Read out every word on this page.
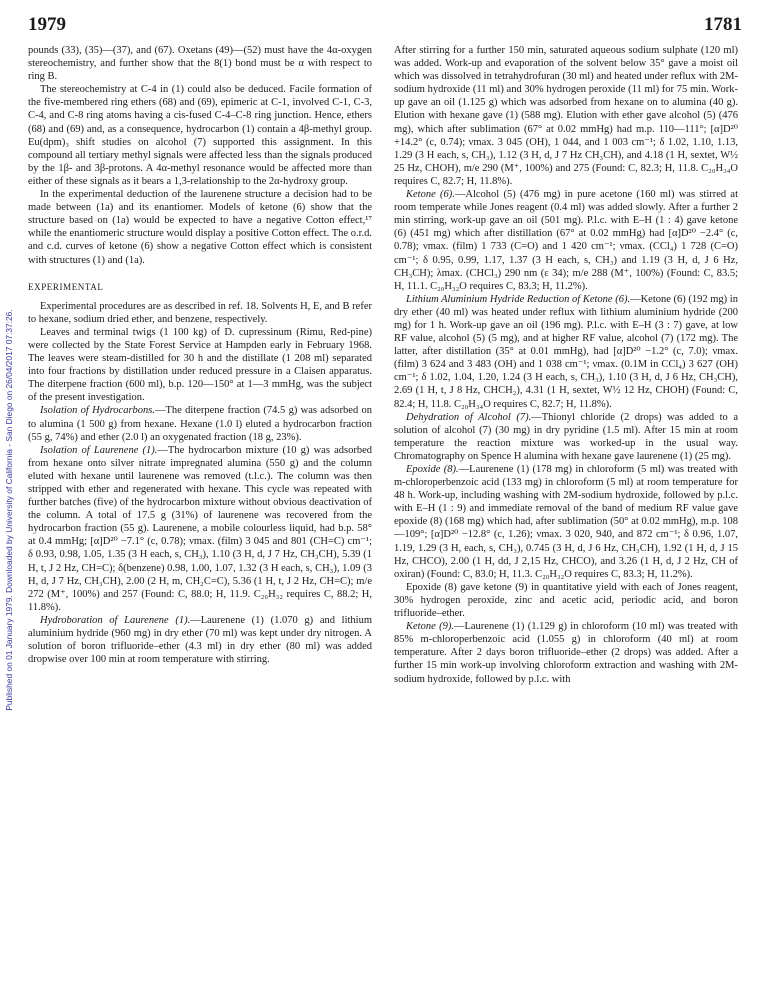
1979	1781
Published on 01 January 1979. Downloaded by University of California - San Diego on 26/04/2017 07:37:26.

pounds (33), (35)—(37), and (67). Oxetans (49)—(52) must have the 4α-oxygen stereochemistry, and further show that the 8(1) bond must be α with respect to ring B.

The stereochemistry at C-4 in (1) could also be deduced. Facile formation of the five-membered ring ethers (68) and (69), epimeric at C-1, involved C-1, C-3, C-4, and C-8 ring atoms having a cis-fused C-4–C-8 ring junction. Hence, ethers (68) and (69) and, as a consequence, hydrocarbon (1) contain a 4β-methyl group. Eu(dpm)₃ shift studies on alcohol (7) supported this assignment. In this compound all tertiary methyl signals were affected less than the signals produced by the 1β- and 3β-protons. A 4α-methyl resonance would be affected more than either of these signals as it bears a 1,3-relationship to the 2α-hydroxy group.

In the experimental deduction of the laurenene structure a decision had to be made between (1a) and its enantiomer. Models of ketone (6) show that the structure based on (1a) would be expected to have a negative Cotton effect,¹⁷ while the enantiomeric structure would display a positive Cotton effect. The o.r.d. and c.d. curves of ketone (6) show a negative Cotton effect which is consistent with structures (1) and (1a).

EXPERIMENTAL

Experimental procedures are as described in ref. 18. Solvents H, E, and B refer to hexane, sodium dried ether, and benzene, respectively.

Leaves and terminal twigs (1 100 kg) of D. cupressinum (Rimu, Red-pine) were collected by the State Forest Service at Hampden early in February 1968. The leaves were steam-distilled for 30 h and the distillate (1 208 ml) separated into four fractions by distillation under reduced pressure in a Claisen apparatus. The diterpene fraction (600 ml), b.p. 120—150° at 1—3 mmHg, was the subject of the present investigation.

Isolation of Hydrocarbons.—The diterpene fraction (74.5 g) was adsorbed on to alumina (1 500 g) from hexane. Hexane (1.0 l) eluted a hydrocarbon fraction (55 g, 74%) and ether (2.0 l) an oxygenated fraction (18 g, 23%).

Isolation of Laurenene (1).—The hydrocarbon mixture (10 g) was adsorbed from hexane onto silver nitrate impregnated alumina (550 g) and the column eluted with hexane until laurenene was removed (t.l.c.). The column was then stripped with ether and regenerated with hexane. This cycle was repeated with further batches (five) of the hydrocarbon mixture without obvious deactivation of the column. A total of 17.5 g (31%) of laurenene was recovered from the hydrocarbon fraction (55 g). Laurenene, a mobile colourless liquid, had b.p. 58° at 0.4 mmHg; [α]D²⁰ −7.1° (c, 0.78); νmax. (film) 3 045 and 801 (CH=C) cm⁻¹; δ 0.93, 0.98, 1.05, 1.35 (3 H each, s, CH₃), 1.10 (3 H, d, J 7 Hz, CH₃CH), 5.39 (1 H, t, J 2 Hz, CH=C); δ(benzene) 0.98, 1.00, 1.07, 1.32 (3 H each, s, CH₃), 1.09 (3 H, d, J 7 Hz, CH₃CH), 2.00 (2 H, m, CH₂C=C), 5.36 (1 H, t, J 2 Hz, CH=C); m/e 272 (M⁺, 100%) and 257 (Found: C, 88.0; H, 11.9. C₂₀H₃₂ requires C, 88.2; H, 11.8%).

Hydroboration of Laurenene (1).—Laurenene (1) (1.070 g) and lithium aluminium hydride (960 mg) in dry ether (70 ml) was kept under dry nitrogen. A solution of boron trifluoride–ether (4.3 ml) in dry ether (80 ml) was added dropwise over 100 min at room temperature with stirring.

After stirring for a further 150 min, saturated aqueous sodium sulphate (120 ml) was added. Work-up and evaporation of the solvent below 35° gave a moist oil which was dissolved in tetrahydrofuran (30 ml) and heated under reflux with 2M-sodium hydroxide (11 ml) and 30% hydrogen peroxide (11 ml) for 75 min. Work-up gave an oil (1.125 g) which was adsorbed from hexane on to alumina (40 g). Elution with hexane gave (1) (588 mg). Elution with ether gave alcohol (5) (476 mg), which after sublimation (67° at 0.02 mmHg) had m.p. 110—111°; [α]D²⁰ +14.2° (c, 0.74); νmax. 3 045 (OH), 1 044, and 1 003 cm⁻¹; δ 1.02, 1.10, 1.13, 1.29 (3 H each, s, CH₃), 1.12 (3 H, d, J 7 Hz CH₃CH), and 4.18 (1 H, sextet, W½ 25 Hz, CHOH), m/e 290 (M⁺, 100%) and 275 (Found: C, 82.3; H, 11.8. C₂₀H₃₄O requires C, 82.7; H, 11.8%).

Ketone (6).—Alcohol (5) (476 mg) in pure acetone (160 ml) was stirred at room temperate while Jones reagent (0.4 ml) was added slowly. After a further 2 min stirring, work-up gave an oil (501 mg). P.l.c. with E–H (1 : 4) gave ketone (6) (451 mg) which after distillation (67° at 0.02 mmHg) had [α]D²⁰ −2.4° (c, 0.78); νmax. (film) 1 733 (C=O) and 1 420 cm⁻¹; νmax. (CCl₄) 1 728 (C=O) cm⁻¹; δ 0.95, 0.99, 1.17, 1.37 (3 H each, s, CH₃) and 1.19 (3 H, d, J 6 Hz, CH₃CH); λmax. (CHCl₃) 290 nm (ε 34); m/e 288 (M⁺, 100%) (Found: C, 83.5; H, 11.1. C₂₀H₃₂O requires C, 83.3; H, 11.2%).

Lithium Aluminium Hydride Reduction of Ketone (6).—Ketone (6) (192 mg) in dry ether (40 ml) was heated under reflux with lithium aluminium hydride (200 mg) for 1 h. Work-up gave an oil (196 mg). P.l.c. with E–H (3 : 7) gave, at low RF value, alcohol (5) (5 mg), and at higher RF value, alcohol (7) (172 mg). The latter, after distillation (35° at 0.01 mmHg), had [α]D²⁰ −1.2° (c, 7.0); νmax. (film) 3 624 and 3 483 (OH) and 1 038 cm⁻¹; νmax. (0.1M in CCl₄) 3 627 (OH) cm⁻¹; δ 1.02, 1.04, 1.20, 1.24 (3 H each, s, CH₃), 1.10 (3 H, d, J 6 Hz, CH₃CH), 2.69 (1 H, t, J 8 Hz, CHCH₂), 4.31 (1 H, sextet, W½ 12 Hz, CHOH) (Found: C, 82.4; H, 11.8. C₂₀H₃₄O requires C, 82.7; H, 11.8%).

Dehydration of Alcohol (7).—Thionyl chloride (2 drops) was added to a solution of alcohol (7) (30 mg) in dry pyridine (1.5 ml). After 15 min at room temperature the reaction mixture was worked-up in the usual way. Chromatography on Spence H alumina with hexane gave laurenene (1) (25 mg).

Epoxide (8).—Laurenene (1) (178 mg) in chloroform (5 ml) was treated with m-chloroperbenzoic acid (133 mg) in chloroform (5 ml) at room temperature for 48 h. Work-up, including washing with 2M-sodium hydroxide, followed by p.l.c. with E–H (1 : 9) and immediate removal of the band of medium RF value gave epoxide (8) (168 mg) which had, after sublimation (50° at 0.02 mmHg), m.p. 108—109°; [α]D²⁰ −12.8° (c, 1.26); νmax. 3 020, 940, and 872 cm⁻¹; δ 0.96, 1.07, 1.19, 1.29 (3 H, each, s, CH₃), 0.745 (3 H, d, J 6 Hz, CH₃CH), 1.92 (1 H, d, J 15 Hz, CHCO), 2.00 (1 H, dd, J 2,15 Hz, CHCO), and 3.26 (1 H, d, J 2 Hz, CH of oxiran) (Found: C, 83.0; H, 11.3. C₂₀H₃₂O requires C, 83.3; H, 11.2%).

Epoxide (8) gave ketone (9) in quantitative yield with each of Jones reagent, 30% hydrogen peroxide, zinc and acetic acid, periodic acid, and boron trifluoride–ether.

Ketone (9).—Laurenene (1) (1.129 g) in chloroform (10 ml) was treated with 85% m-chloroperbenzoic acid (1.055 g) in chloroform (40 ml) at room temperature. After 2 days boron trifluoride–ether (2 drops) was added. After a further 15 min work-up involving chloroform extraction and washing with 2M-sodium hydroxide, followed by p.l.c. with
